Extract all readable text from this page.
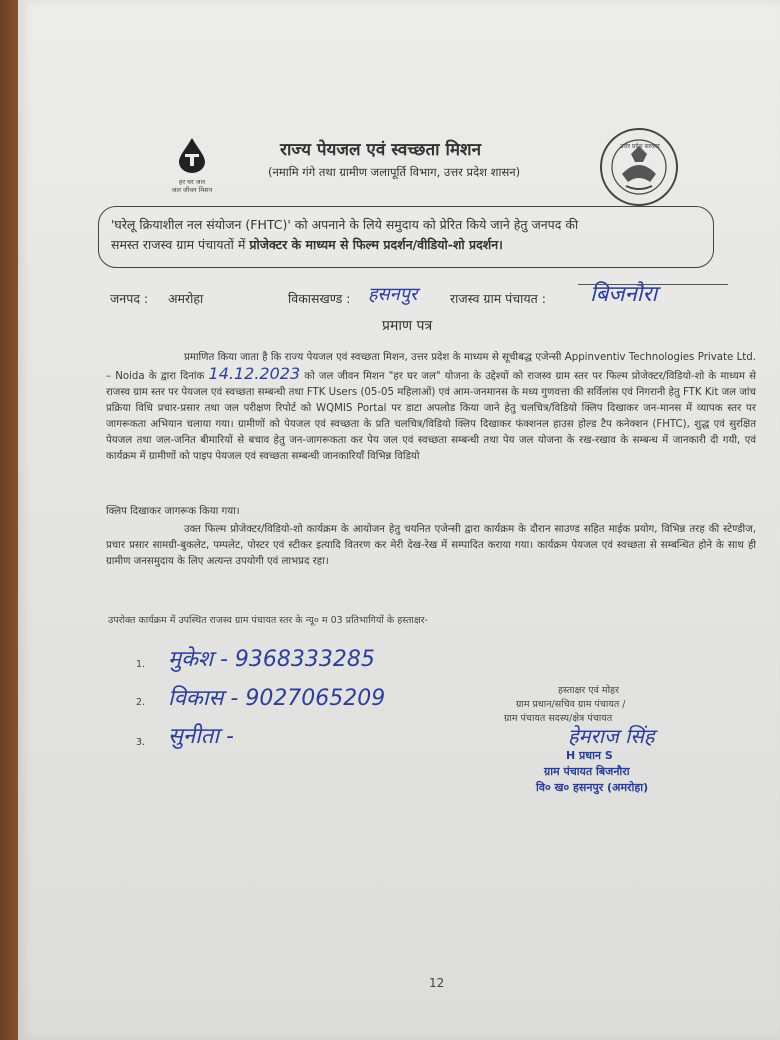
हर घर जल
जल जीवन मिशन
राज्य पेयजल एवं स्वच्छता मिशन
(नमामि गंगे तथा ग्रामीण जलापूर्ति विभाग, उत्तर प्रदेश शासन)
उत्तर प्रदेश सरकार
'घरेलू क्रियाशील नल संयोजन (FHTC)' को अपनाने के लिये समुदाय को प्रेरित किये जाने हेतु जनपद की
समस्त राजस्व ग्राम पंचायतों में प्रोजेक्टर के माध्यम से फिल्म प्रदर्शन/वीडियो-शो प्रदर्शन।
जनपद : अमरोहा	विकासखण्ड : हसनपुर	राजस्व ग्राम पंचायत : बिजनौरा
प्रमाण पत्र
प्रमाणित किया जाता है कि राज्य पेयजल एवं स्वच्छता मिशन, उत्तर प्रदेश के माध्यम से सूचीबद्ध एजेन्सी Appinventiv Technologies Private Ltd. – Noida के द्वारा दिनांक 14.12.2023 को जल जीवन मिशन "हर घर जल" योजना के उद्देश्यों को राजस्व ग्राम स्तर पर फिल्म प्रोजेक्टर/विडियो-शो के माध्यम से राजस्व ग्राम स्तर पर पेयजल एवं स्वच्छता सम्बन्धी तथा FTK Users (05-05 महिलाओं) एवं आम-जनमानस के मध्य गुणवत्ता की सर्विलांस एवं निगरानी हेतु FTK Kit जल जांच प्रक्रिया विधि प्रचार-प्रसार तथा जल परीक्षण रिपोर्ट को WQMIS Portal पर डाटा अपलोड किया जाने हेतु चलचित्र/विडियो क्लिप दिखाकर जन-मानस में व्यापक स्तर पर जागरूकता अभियान चलाया गया। ग्रामीणों को पेयजल एवं स्वच्छता के प्रति चलचित्र/विडियो क्लिप दिखाकर फंक्शनल हाउस होल्ड टैप कनेक्शन (FHTC), शुद्ध एवं सुरक्षित पेयजल तथा जल-जनित बीमारियों से बचाव हेतु जन-जागरूकता कर पेय जल एवं स्वच्छता सम्बन्धी तथा पेय जल योजना के रख-रखाव के सम्बन्ध में जानकारी दी गयी, एवं कार्यक्रम में ग्रामीणों को पाइप पेयजल एवं स्वच्छता सम्बन्धी जानकारियाँ विभिन्न विडियो
क्लिप दिखाकर जागरूक किया गया।
उक्त फिल्म प्रोजेक्टर/विडियो-शो कार्यक्रम के आयोजन हेतु चयनित एजेन्सी द्वारा कार्यक्रम के दौरान साउण्ड सहित माईक प्रयोग, विभिन्न तरह की स्टेण्डीज, प्रचार प्रसार सामग्री-बुकलेट, पम्पलेट, पोस्टर एवं स्टीकर इत्यादि वितरण कर मेरी देख-रेख में सम्पादित कराया गया। कार्यक्रम पेयजल एवं स्वच्छता से सम्बन्धित होने के साथ ही ग्रामीण जनसमुदाय के लिए अत्यन्त उपयोगी एवं लाभप्रद रहा।
उपरोक्त कार्यक्रम में उपस्थित राजस्व ग्राम पंचायत स्तर के न्यू० म 03 प्रतिभागियों के हस्ताक्षर-
1. मुकेश - 9368333285
2. विकास - 9027065209
3. सुनीता -
हस्ताक्षर एवं मोहर
ग्राम प्रधान/सचिव ग्राम पंचायत /
ग्राम पंचायत सदस्य/क्षेत्र पंचायत
हेमराज सिंह
H प्रधान S
ग्राम पंचायत बिजनौरा
वि० ख० हसनपुर (अमरोहा)
12
